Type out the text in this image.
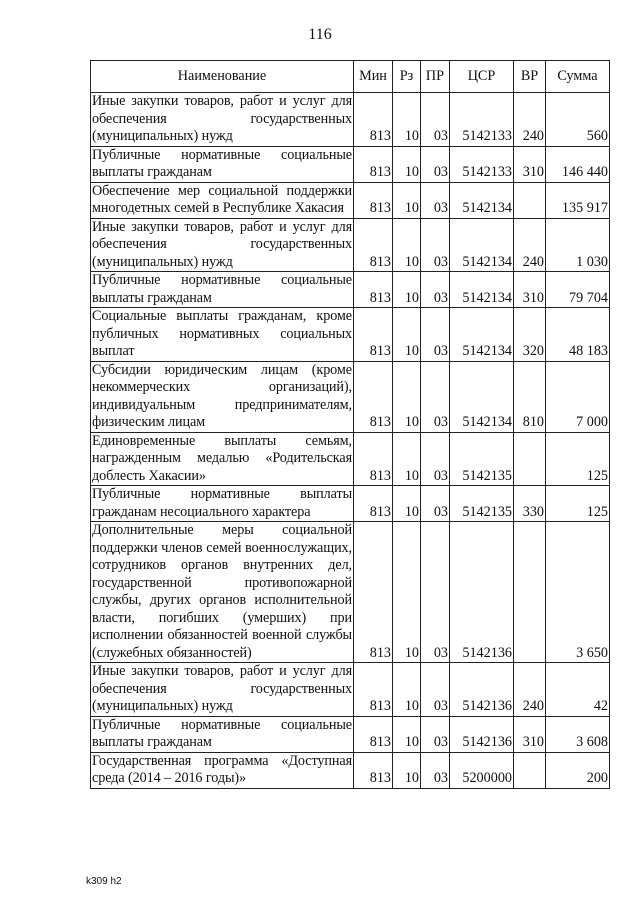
116
Наименование	Мин	Рз	ПР	ЦСР	ВР	Сумма
Иные закупки товаров, работ и услуг для обеспечения государственных (муниципальных) нужд	813	10	03	5142133	240	560
Публичные нормативные социальные выплаты гражданам	813	10	03	5142133	310	146 440
Обеспечение мер социальной поддержки многодетных семей в Республике Хакасия	813	10	03	5142134		135 917
Иные закупки товаров, работ и услуг для обеспечения государственных (муниципальных) нужд	813	10	03	5142134	240	1 030
Публичные нормативные социальные выплаты гражданам	813	10	03	5142134	310	79 704
Социальные выплаты гражданам, кроме публичных нормативных социальных выплат	813	10	03	5142134	320	48 183
Субсидии юридическим лицам (кроме некоммерческих организаций), индивидуальным предпринимателям, физическим лицам	813	10	03	5142134	810	7 000
Единовременные выплаты семьям, награжденным медалью «Родительская доблесть Хакасии»	813	10	03	5142135		125
Публичные нормативные выплаты гражданам несоциального характера	813	10	03	5142135	330	125
Дополнительные меры социальной поддержки членов семей военнослужащих, сотрудников органов внутренних дел, государственной противопожарной службы, других органов исполнительной власти, погибших (умерших) при исполнении обязанностей военной службы (служебных обязанностей)	813	10	03	5142136		3 650
Иные закупки товаров, работ и услуг для обеспечения государственных (муниципальных) нужд	813	10	03	5142136	240	42
Публичные нормативные социальные выплаты гражданам	813	10	03	5142136	310	3 608
Государственная программа «Доступная среда (2014 – 2016 годы)»	813	10	03	5200000		200
k309 h2
